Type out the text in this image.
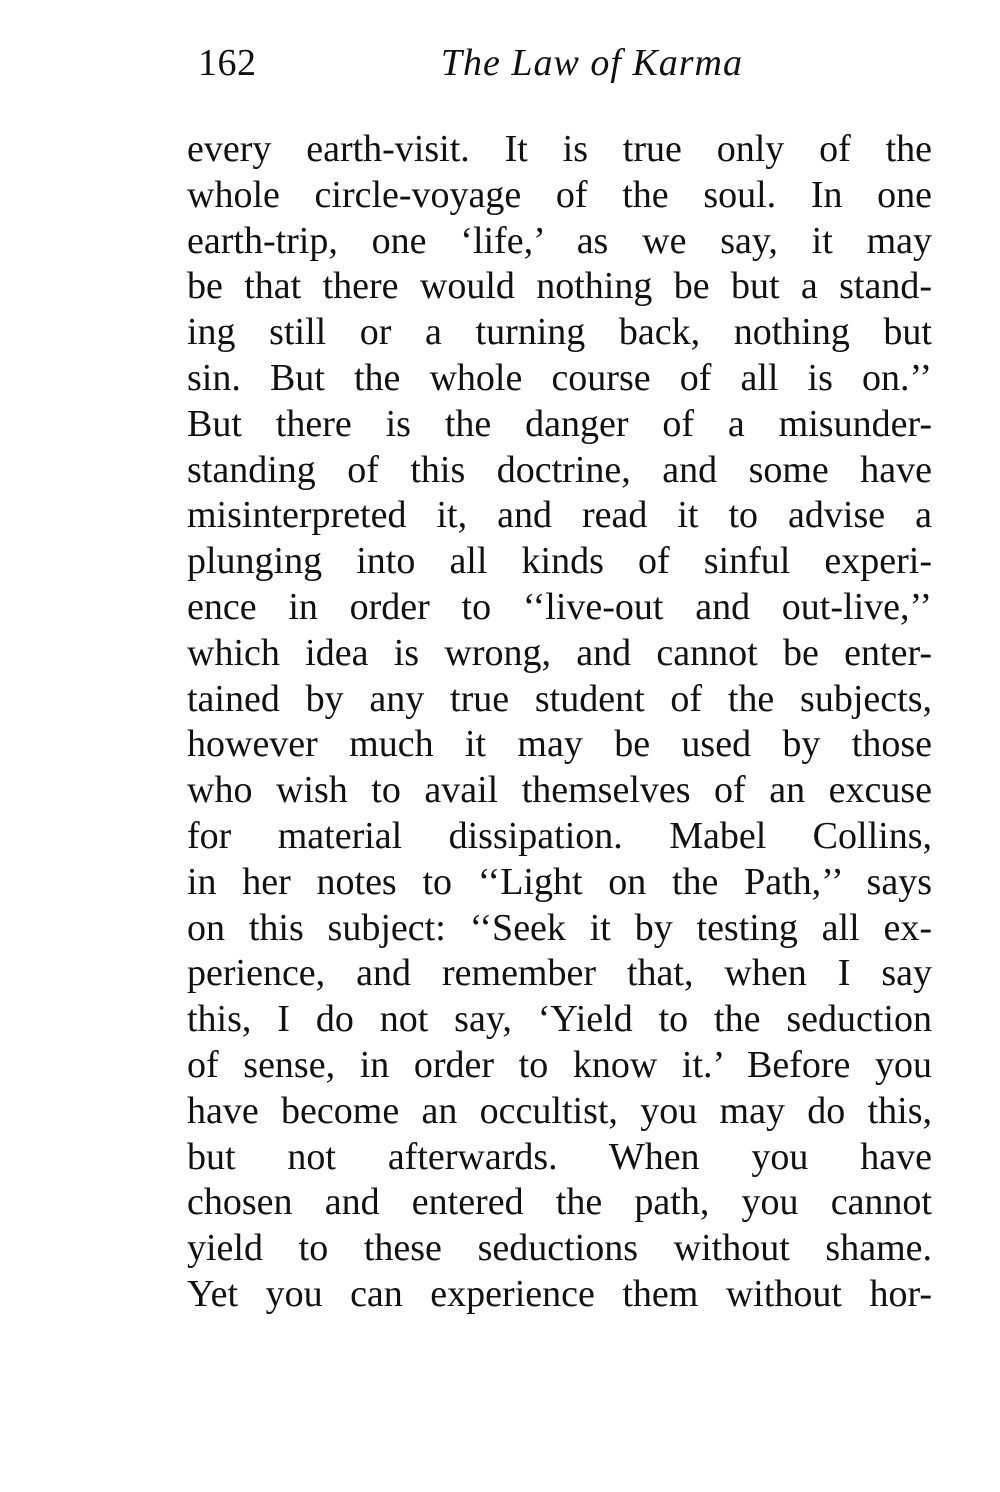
162	The Law of Karma
every earth-visit. It is true only of the
whole circle-voyage of the soul. In one
earth-trip, one ‘life,’ as we say, it may
be that there would nothing be but a stand-
ing still or a turning back, nothing but
sin. But the whole course of all is on.’’
But there is the danger of a misunder-
standing of this doctrine, and some have
misinterpreted it, and read it to advise a
plunging into all kinds of sinful experi-
ence in order to ‘‘live-out and out-live,’’
which idea is wrong, and cannot be enter-
tained by any true student of the subjects,
however much it may be used by those
who wish to avail themselves of an excuse
for material dissipation. Mabel Collins,
in her notes to ‘‘Light on the Path,’’ says
on this subject: ‘‘Seek it by testing all ex-
perience, and remember that, when I say
this, I do not say, ‘Yield to the seduction
of sense, in order to know it.’ Before you
have become an occultist, you may do this,
but not afterwards. When you have
chosen and entered the path, you cannot
yield to these seductions without shame.
Yet you can experience them without hor-
